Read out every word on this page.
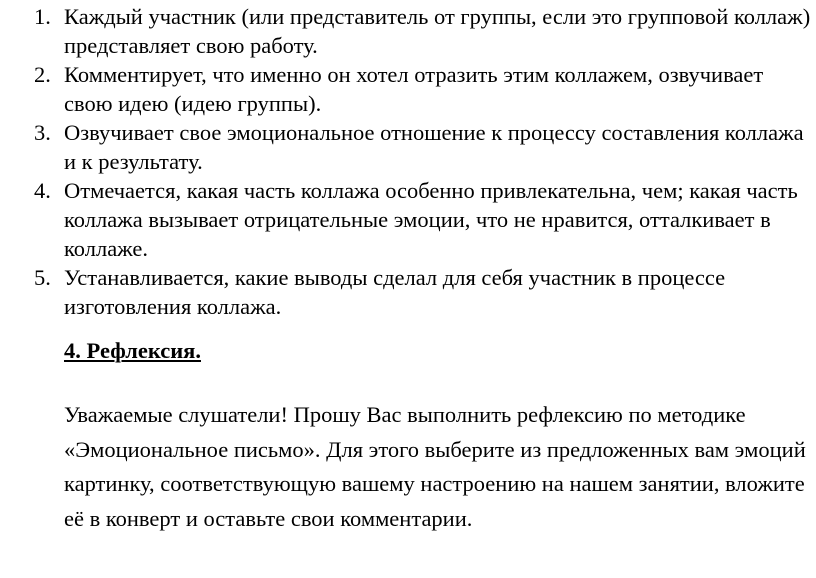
1. Каждый участник (или представитель от группы, если это групповой коллаж) представляет свою работу.
2. Комментирует, что именно он хотел отразить этим коллажем, озвучивает свою идею (идею группы).
3. Озвучивает свое эмоциональное отношение к процессу составления коллажа и к результату.
4. Отмечается, какая часть коллажа особенно привлекательна, чем; какая часть коллажа вызывает отрицательные эмоции, что не нравится, отталкивает в коллаже.
5. Устанавливается, какие выводы сделал для себя участник в процессе изготовления коллажа.

4. Рефлексия.

Уважаемые слушатели! Прошу Вас выполнить рефлексию по методике «Эмоциональное письмо». Для этого выберите из предложенных вам эмоций картинку, соответствующую вашему настроению на нашем занятии, вложите её в конверт и оставьте свои комментарии.
